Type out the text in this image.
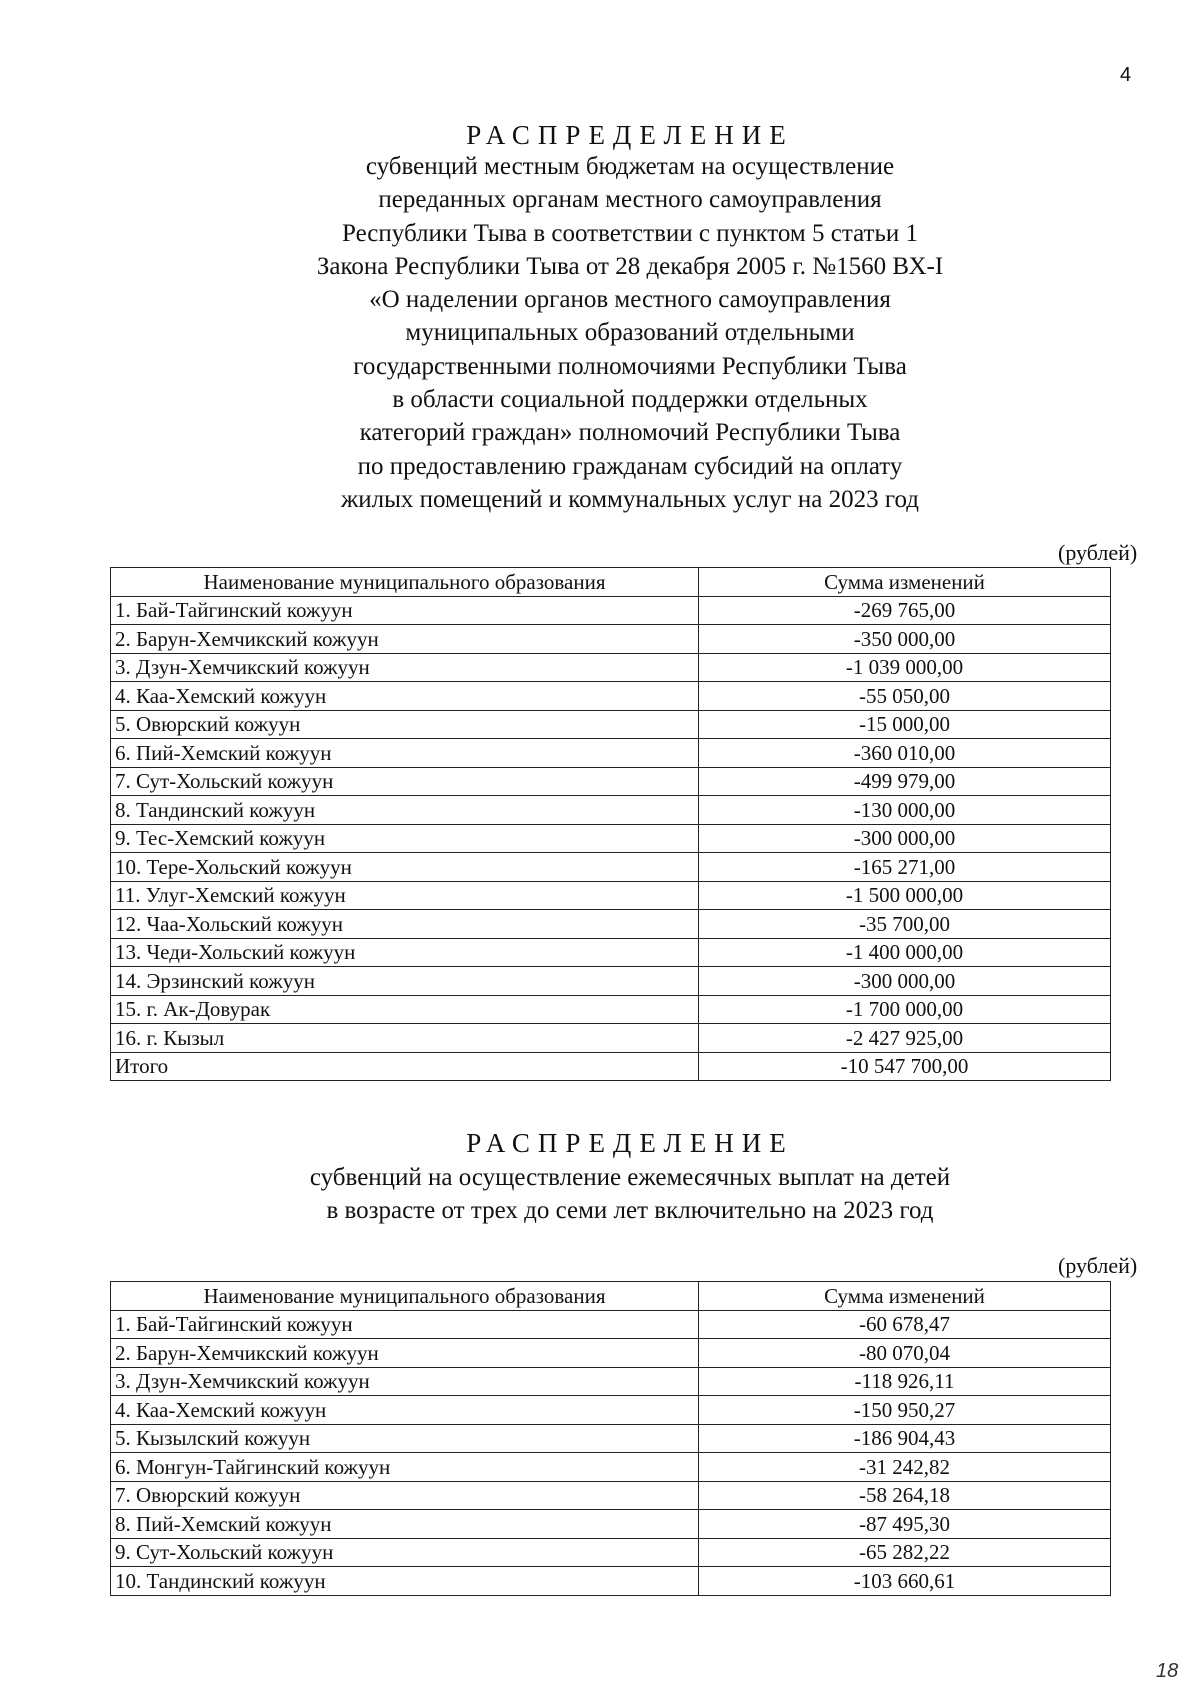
4
РАСПРЕДЕЛЕНИЕ
субвенций местным бюджетам на осуществление
переданных органам местного самоуправления
Республики Тыва в соответствии с пунктом 5 статьи 1
Закона Республики Тыва от 28 декабря 2005 г. №1560 ВХ-I
«О наделении органов местного самоуправления
муниципальных образований отдельными
государственными полномочиями Республики Тыва
в области социальной поддержки отдельных
категорий граждан» полномочий Республики Тыва
по предоставлению гражданам субсидий на оплату
жилых помещений и коммунальных услуг на 2023 год
(рублей)
Наименование муниципального образования	Сумма изменений
1. Бай-Тайгинский кожуун	-269 765,00
2. Барун-Хемчикский кожуун	-350 000,00
3. Дзун-Хемчикский кожуун	-1 039 000,00
4. Каа-Хемский кожуун	-55 050,00
5. Овюрский кожуун	-15 000,00
6. Пий-Хемский кожуун	-360 010,00
7. Сут-Хольский кожуун	-499 979,00
8. Тандинский кожуун	-130 000,00
9. Тес-Хемский кожуун	-300 000,00
10. Тере-Хольский кожуун	-165 271,00
11. Улуг-Хемский кожуун	-1 500 000,00
12. Чаа-Хольский кожуун	-35 700,00
13. Чеди-Хольский кожуун	-1 400 000,00
14. Эрзинский кожуун	-300 000,00
15. г. Ак-Довурак	-1 700 000,00
16. г. Кызыл	-2 427 925,00
Итого	-10 547 700,00
РАСПРЕДЕЛЕНИЕ
субвенций на осуществление ежемесячных выплат на детей
в возрасте от трех до семи лет включительно на 2023 год
(рублей)
Наименование муниципального образования	Сумма изменений
1. Бай-Тайгинский кожуун	-60 678,47
2. Барун-Хемчикский кожуун	-80 070,04
3. Дзун-Хемчикский кожуун	-118 926,11
4. Каа-Хемский кожуун	-150 950,27
5. Кызылский кожуун	-186 904,43
6. Монгун-Тайгинский кожуун	-31 242,82
7. Овюрский кожуун	-58 264,18
8. Пий-Хемский кожуун	-87 495,30
9. Сут-Хольский кожуун	-65 282,22
10. Тандинский кожуун	-103 660,61
18
